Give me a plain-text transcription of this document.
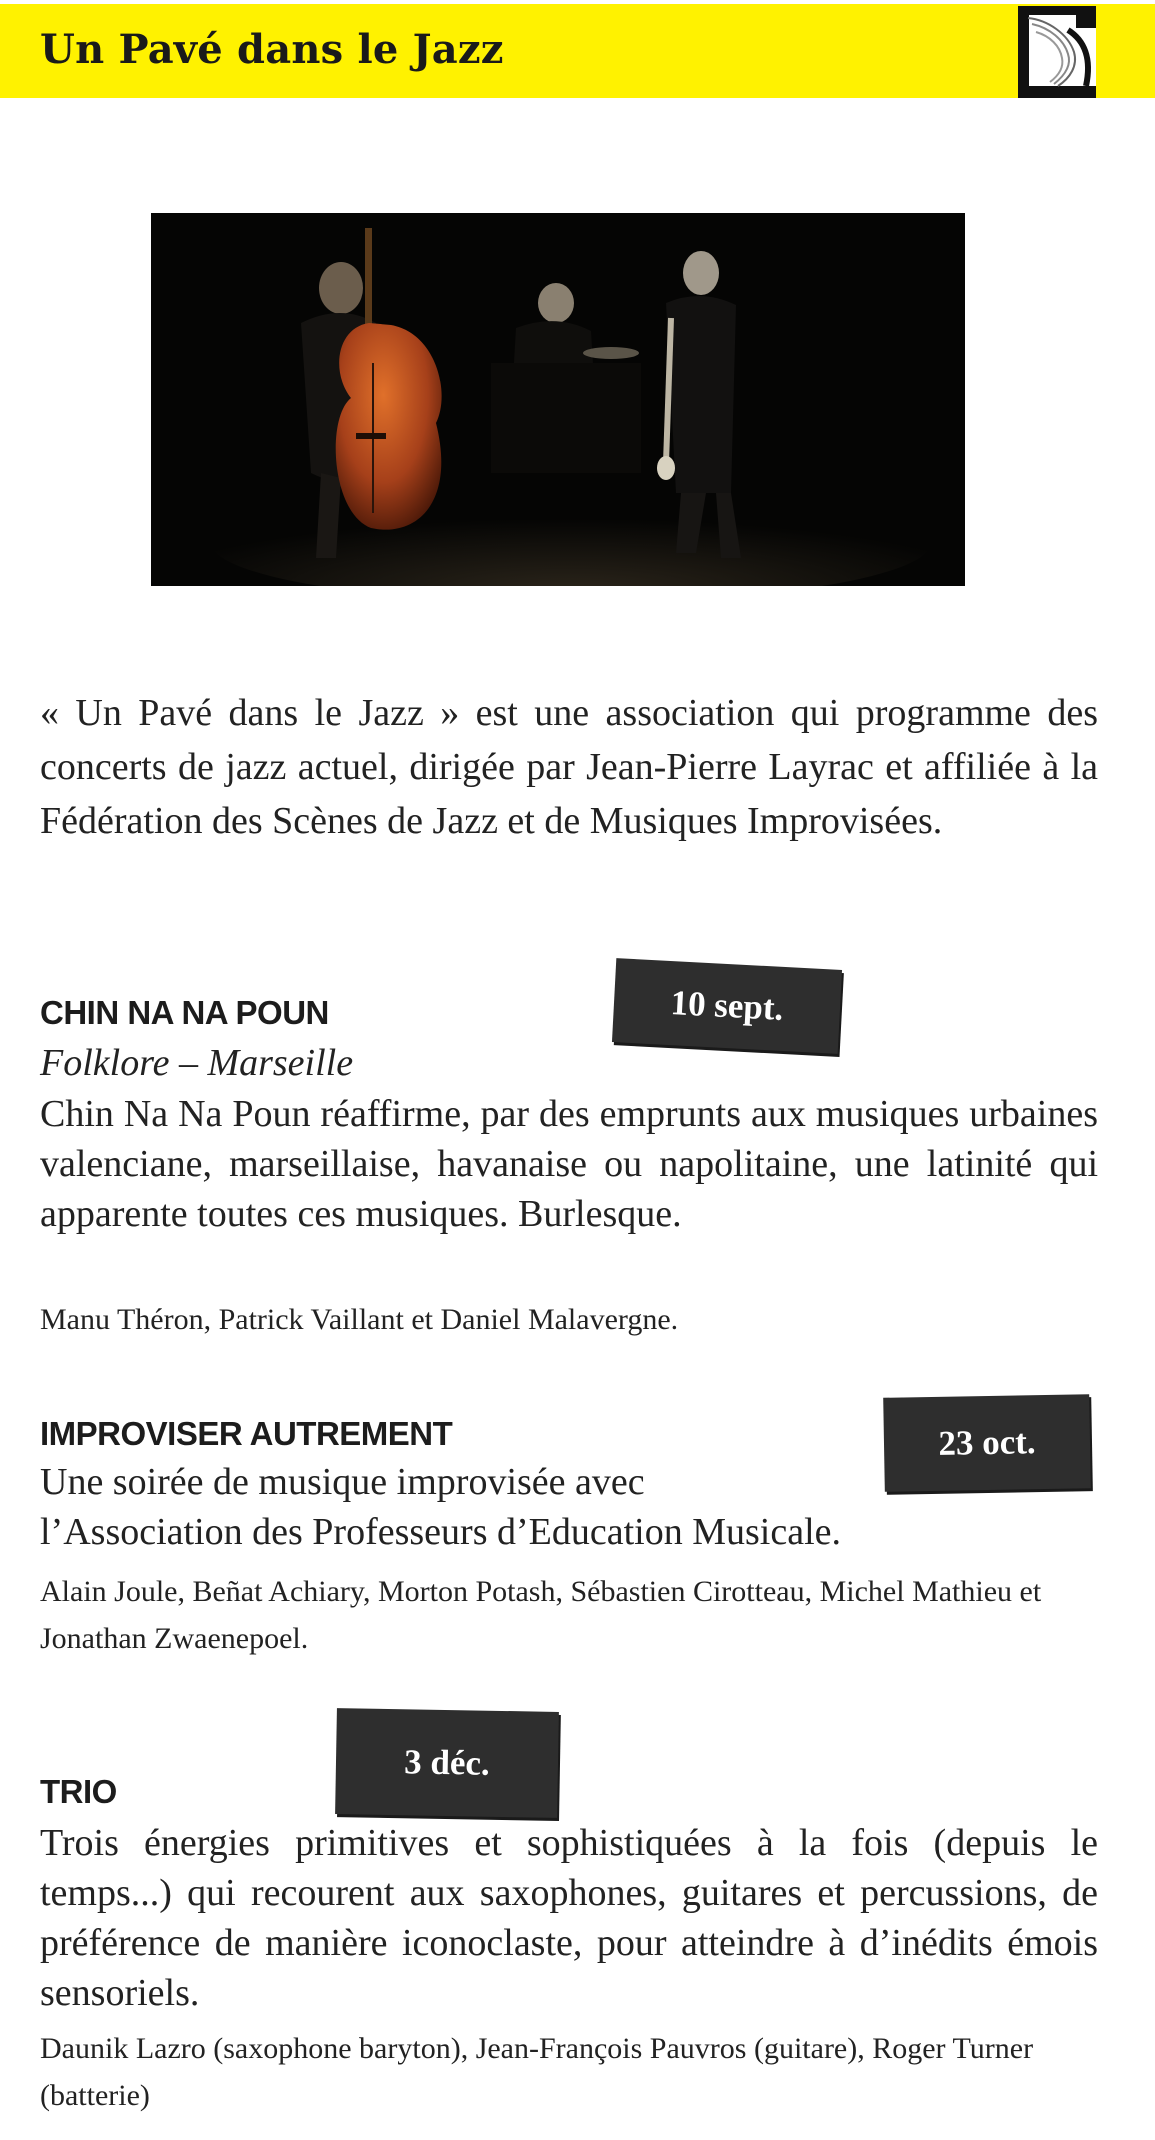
Un Pavé dans le Jazz

« Un Pavé dans le Jazz » est une association qui programme des concerts de jazz actuel, dirigée par Jean-Pierre Layrac et affiliée à la Fédération des Scènes de Jazz et de Musiques Improvisées.

CHIN NA NA POUN	10 sept.
Folklore – Marseille

Chin Na Na Poun réaffirme, par des emprunts aux musiques urbaines valenciane, marseillaise, havanaise ou napolitaine, une latinité qui apparente toutes ces musiques. Burlesque.

Manu Théron, Patrick Vaillant et Daniel Malavergne.
IMPROVISER AUTREMENT	23 oct.
Une soirée de musique improvisée avec
l’Association des Professeurs d’Education Musicale.
Alain Joule, Beñat Achiary, Morton Potash, Sébastien Cirotteau, Michel Mathieu et Jonathan Zwaenepoel.
3 déc.
TRIO

Trois énergies primitives et sophistiquées à la fois (depuis le temps...) qui recourent aux saxophones, guitares et percussions, de préférence de manière iconoclaste, pour atteindre à d’inédits émois sensoriels.

Daunik Lazro (saxophone baryton), Jean-François Pauvros (guitare), Roger Turner (batterie)
